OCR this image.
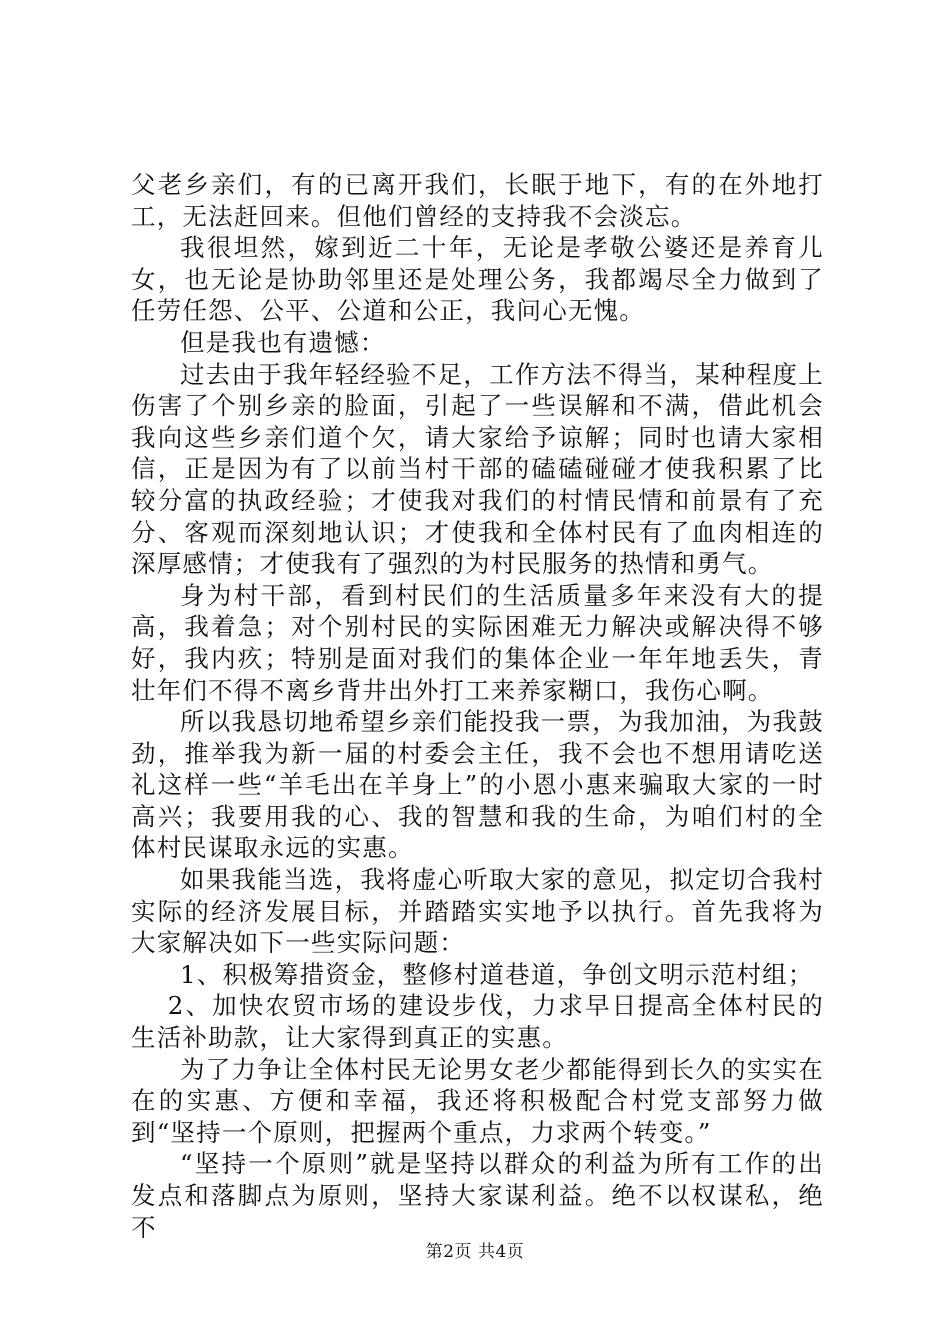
父老乡亲们，有的已离开我们，长眠于地下，有的在外地打工，无法赶回来。但他们曾经的支持我不会淡忘。

我很坦然，嫁到近二十年，无论是孝敬公婆还是养育儿女，也无论是协助邻里还是处理公务，我都竭尽全力做到了任劳任怨、公平、公道和公正，我问心无愧。

但是我也有遗憾：

过去由于我年轻经验不足，工作方法不得当，某种程度上伤害了个别乡亲的脸面，引起了一些误解和不满，借此机会我向这些乡亲们道个欠，请大家给予谅解；同时也请大家相信，正是因为有了以前当村干部的磕磕碰碰才使我积累了比较分富的执政经验；才使我对我们的村情民情和前景有了充分、客观而深刻地认识；才使我和全体村民有了血肉相连的深厚感情；才使我有了强烈的为村民服务的热情和勇气。

身为村干部，看到村民们的生活质量多年来没有大的提高，我着急；对个别村民的实际困难无力解决或解决得不够好，我内疚；特别是面对我们的集体企业一年年地丢失，青壮年们不得不离乡背井出外打工来养家糊口，我伤心啊。

所以我恳切地希望乡亲们能投我一票，为我加油，为我鼓劲，推举我为新一届的村委会主任，我不会也不想用请吃送礼这样一些“羊毛出在羊身上”的小恩小惠来骗取大家的一时高兴；我要用我的心、我的智慧和我的生命，为咱们村的全体村民谋取永远的实惠。

如果我能当选，我将虚心听取大家的意见，拟定切合我村实际的经济发展目标，并踏踏实实地予以执行。首先我将为大家解决如下一些实际问题：

1、积极筹措资金，整修村道巷道，争创文明示范村组；

2、加快农贸市场的建设步伐，力求早日提高全体村民的生活补助款，让大家得到真正的实惠。

为了力争让全体村民无论男女老少都能得到长久的实实在在的实惠、方便和幸福，我还将积极配合村党支部努力做到“坚持一个原则，把握两个重点，力求两个转变。”

“坚持一个原则”就是坚持以群众的利益为所有工作的出发点和落脚点为原则，坚持大家谋利益。绝不以权谋私，绝不

第2页 共4页
